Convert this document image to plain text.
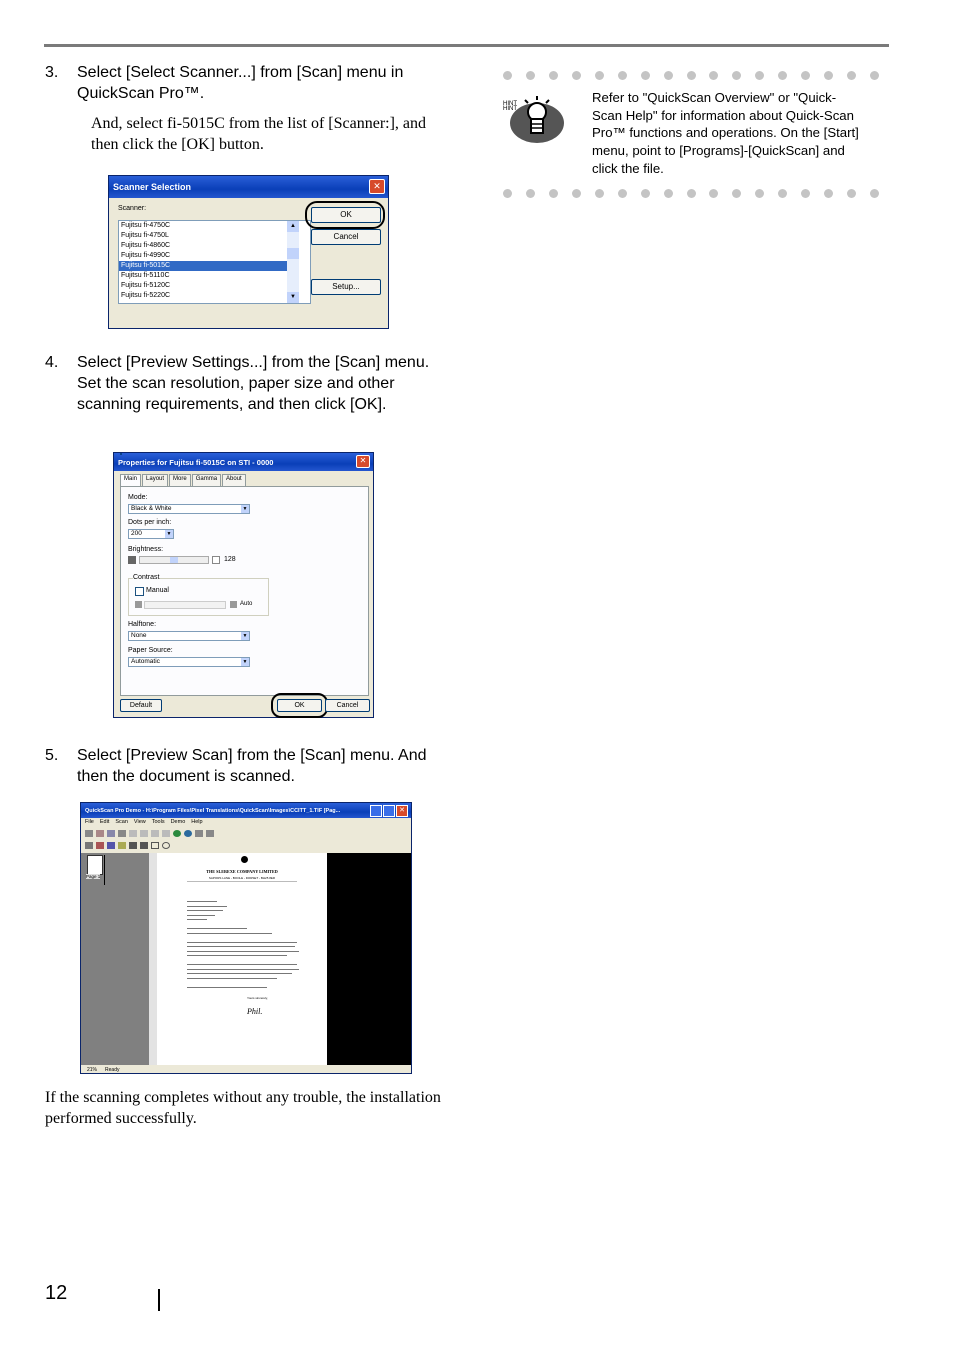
3. Select [Select Scanner...] from [Scan] menu in QuickScan Pro™.
And, select fi-5015C from the list of [Scanner:], and then click the [OK] button.
Scanner Selection	✕
Scanner:
Fujitsu fi-4750C
Fujitsu fi-4750L
Fujitsu fi-4860C
Fujitsu fi-4990C
Fujitsu fi-5015C
Fujitsu fi-5110C
Fujitsu fi-5120C
Fujitsu fi-5220C
▲
▼
OK
Cancel
Setup...
4. Select [Preview Settings...] from the [Scan] menu. Set the scan resolution, paper size and other scanning requirements, and then click [OK].
Properties for Fujitsu fi-5015C on STI - 0000	✕
Main	Layout	More	Gamma	About
Mode:
Black & White	▼
Dots per inch:
200	▼
Brightness:
128
Contrast
Manual
Auto
Halftone:
None	▼
Paper Source:
Automatic	▼
Default	OK	Cancel
5. Select [Preview Scan] from the [Scan] menu. And then the document is scanned.
QuickScan Pro Demo - H:\Program Files\Pixel Translations\QuickScan\Images\CCITT_1.TIF [Pag...	✕
File Edit Scan View Tools Demo Help
Page 1
THE SLEREXE COMPANY LIMITED
SAPORS LANE - BOOLE - DORSET - BH25 8ER
Yours sincerely,
Phil.
21% Ready
If the scanning completes without any trouble, the installation performed successfully.
HINT
HINT	Refer to "QuickScan Overview" or "Quick-Scan Help" for information about Quick-Scan Pro™ functions and operations. On the [Start] menu, point to [Programs]-[QuickScan] and click the file.
12
